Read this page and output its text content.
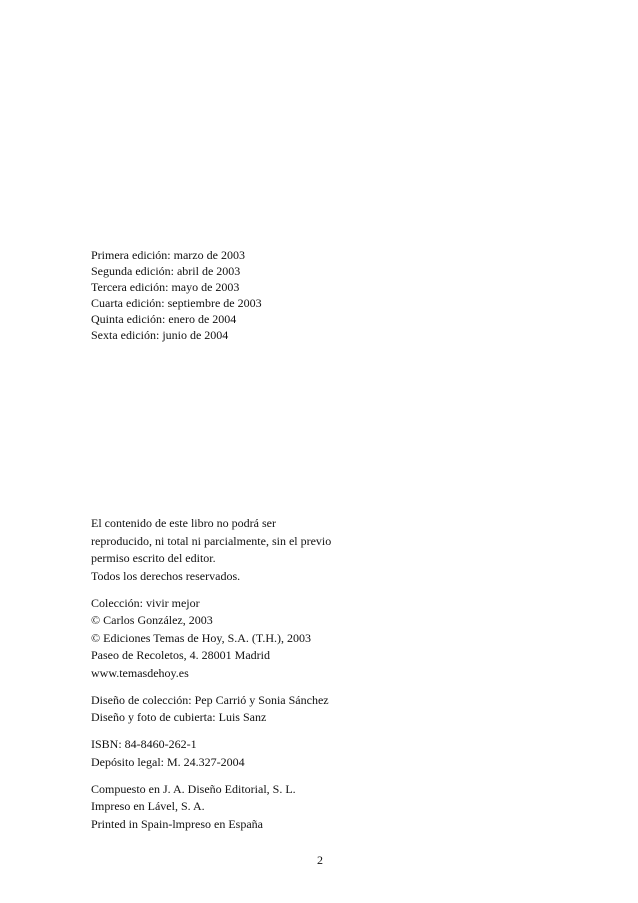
Primera edición: marzo de 2003
Segunda edición: abril de 2003
Tercera edición: mayo de 2003
Cuarta edición: septiembre de 2003
Quinta edición: enero de 2004
Sexta edición: junio de 2004
El contenido de este libro no podrá ser
reproducido, ni total ni parcialmente, sin el previo
permiso escrito del editor.
Todos los derechos reservados.
Colección: vivir mejor
© Carlos González, 2003
© Ediciones Temas de Hoy, S.A. (T.H.), 2003
Paseo de Recoletos, 4. 28001 Madrid
www.temasdehoy.es
Diseño de colección: Pep Carrió y Sonia Sánchez
Diseño y foto de cubierta: Luis Sanz
ISBN: 84-8460-262-1
Depósito legal: M. 24.327-2004
Compuesto en J. A. Diseño Editorial, S. L.
Impreso en Lável, S. A.
Printed in Spain-lmpreso en España
2
